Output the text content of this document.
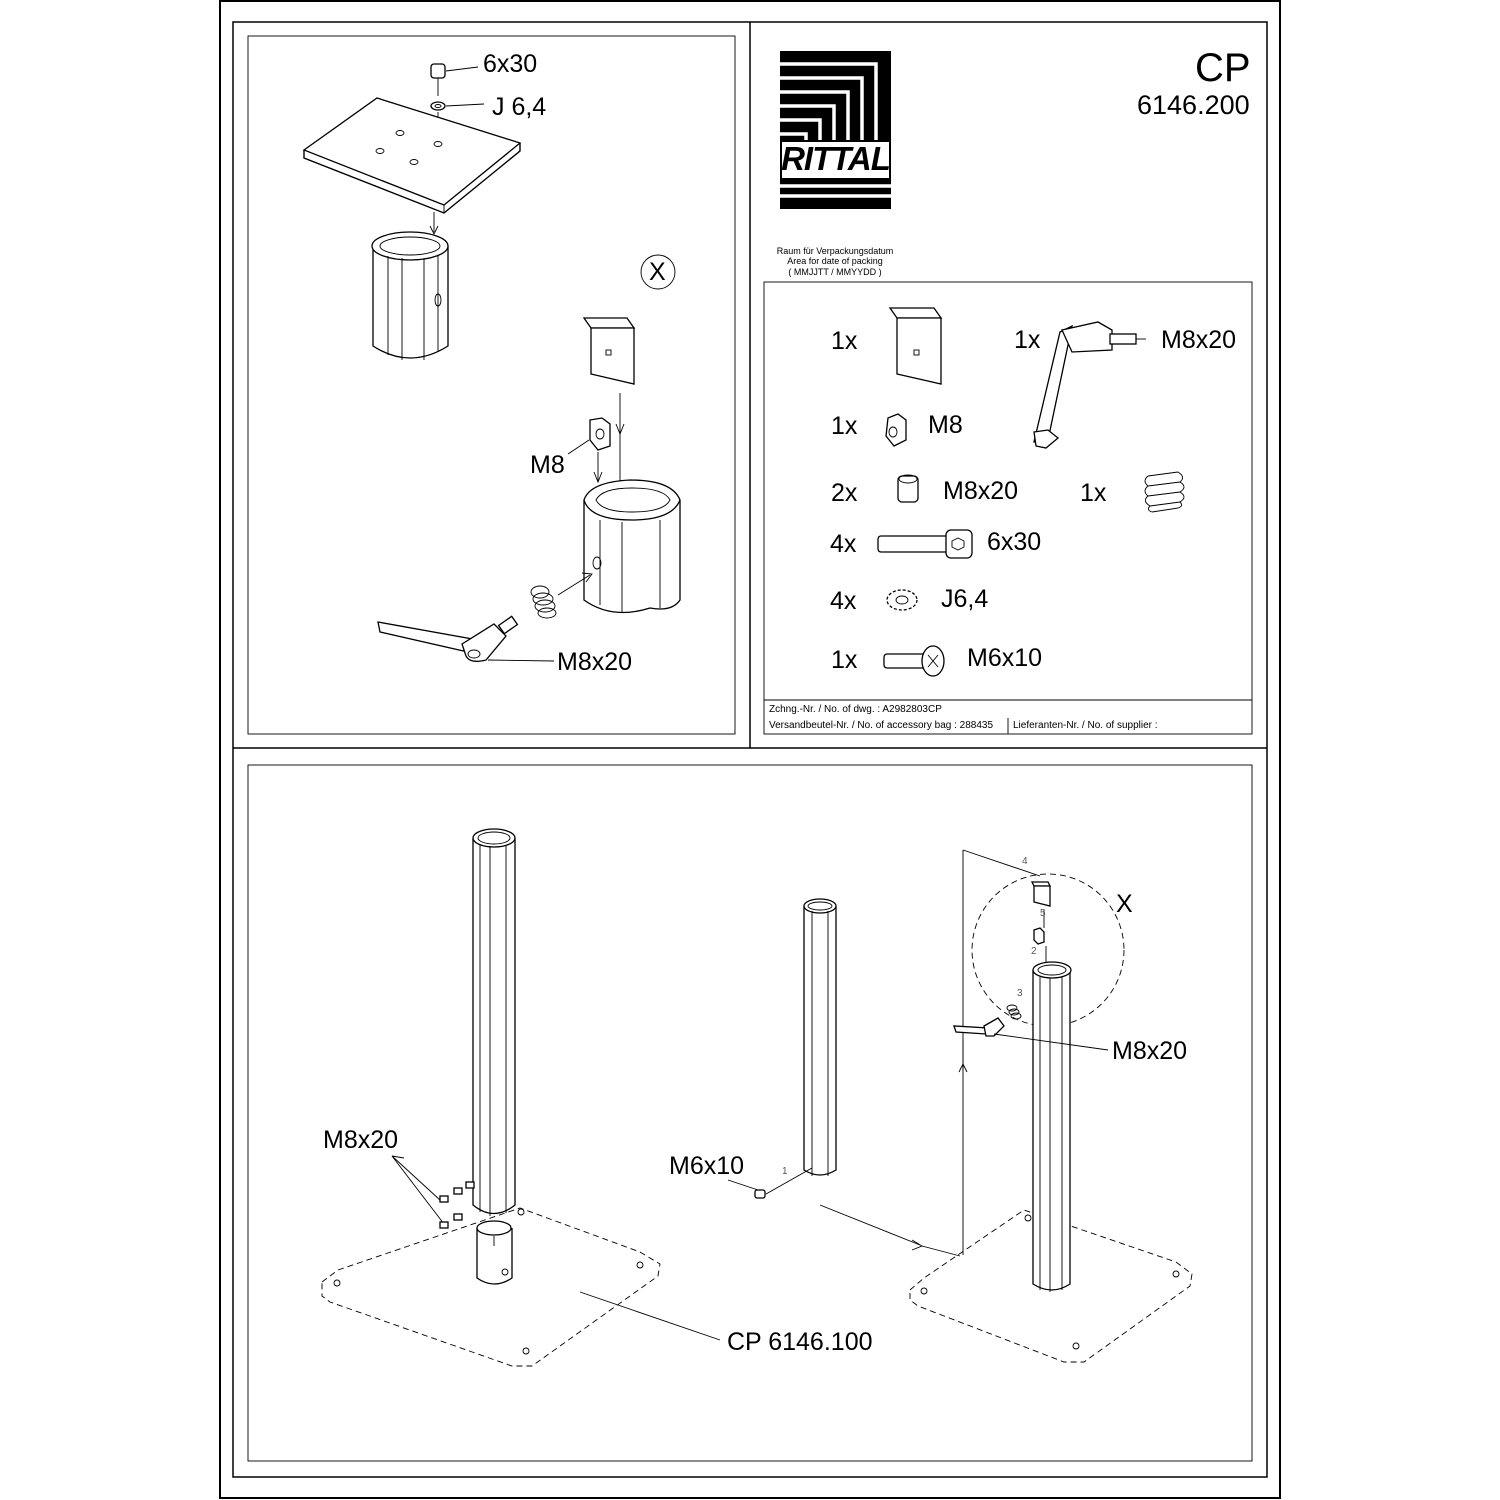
CP
6146.200
RITTAL
Raum für Verpackungsdatum
Area for date of packing
( MMJJTT / MMYYDD )
6x30
J 6,4
X
M8
M8x20
1x	1x	M8x20
1x	M8
2x	M8x20 1x
4x	6x30
4x	J6,4
1x	M6x10
Zchng.-Nr. / No. of dwg. : A2982803CP
Versandbeutel-Nr. / No. of accessory bag : 288435 Lieferanten-Nr. / No. of supplier :
M8x20
M6x10
M8x20
X
CP 6146.100
1
2
3
4
5
